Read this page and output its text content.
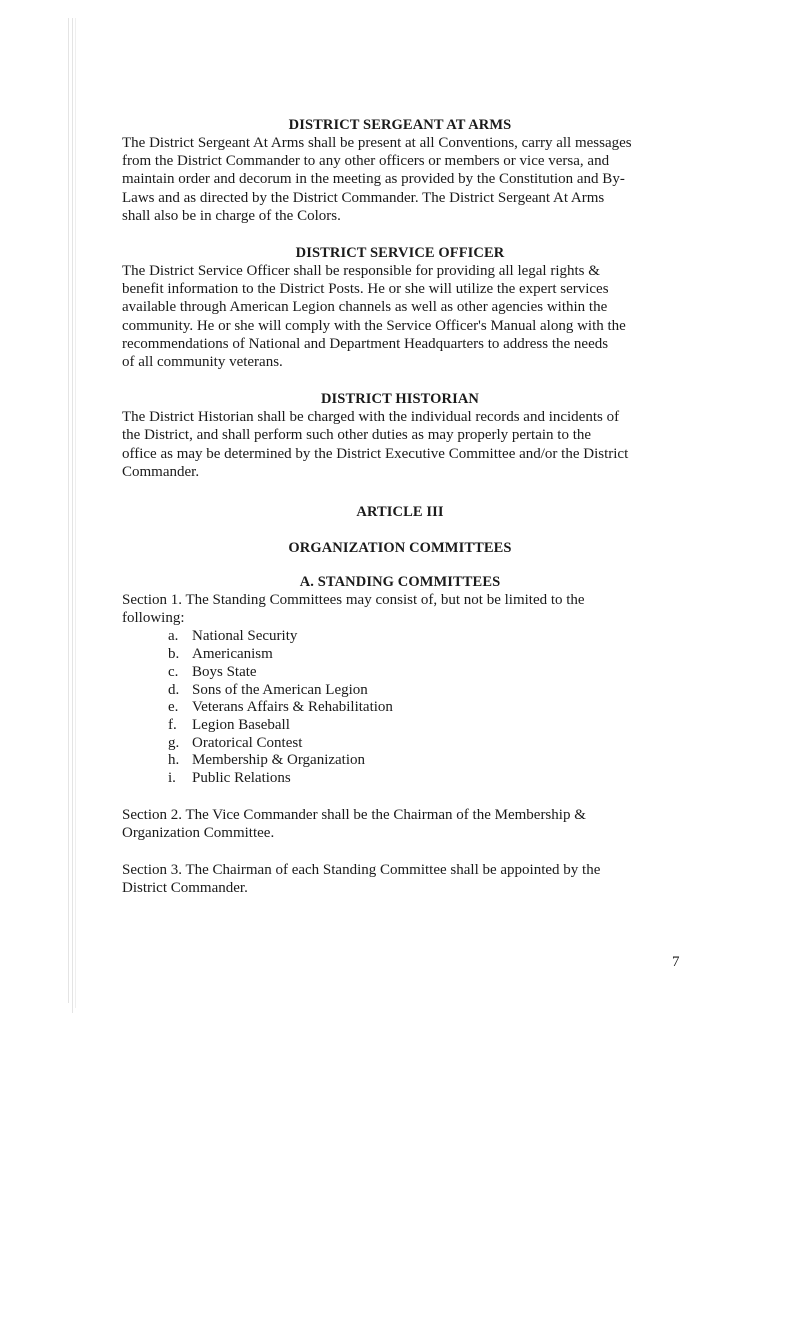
DISTRICT SERGEANT AT ARMS

The District Sergeant At Arms shall be present at all Conventions, carry all messages
from the District Commander to any other officers or members or vice versa, and
maintain order and decorum in the meeting as provided by the Constitution and By-
Laws and as directed by the District Commander. The District Sergeant At Arms
shall also be in charge of the Colors.

DISTRICT SERVICE OFFICER

The District Service Officer shall be responsible for providing all legal rights &
benefit information to the District Posts. He or she will utilize the expert services
available through American Legion channels as well as other agencies within the
community. He or she will comply with the Service Officer's Manual along with the
recommendations of National and Department Headquarters to address the needs
of all community veterans.

DISTRICT HISTORIAN

The District Historian shall be charged with the individual records and incidents of
the District, and shall perform such other duties as may properly pertain to the
office as may be determined by the District Executive Committee and/or the District
Commander.

ARTICLE III
ORGANIZATION COMMITTEES
A. STANDING COMMITTEES

Section 1. The Standing Committees may consist of, but not be limited to the
following:

a. National Security
b. Americanism
c. Boys State
d. Sons of the American Legion
e. Veterans Affairs & Rehabilitation
f.	Legion Baseball
g. Oratorical Contest
h. Membership & Organization
i.	Public Relations

Section 2. The Vice Commander shall be the Chairman of the Membership &
Organization Committee.

Section 3. The Chairman of each Standing Committee shall be appointed by the
District Commander.

7
